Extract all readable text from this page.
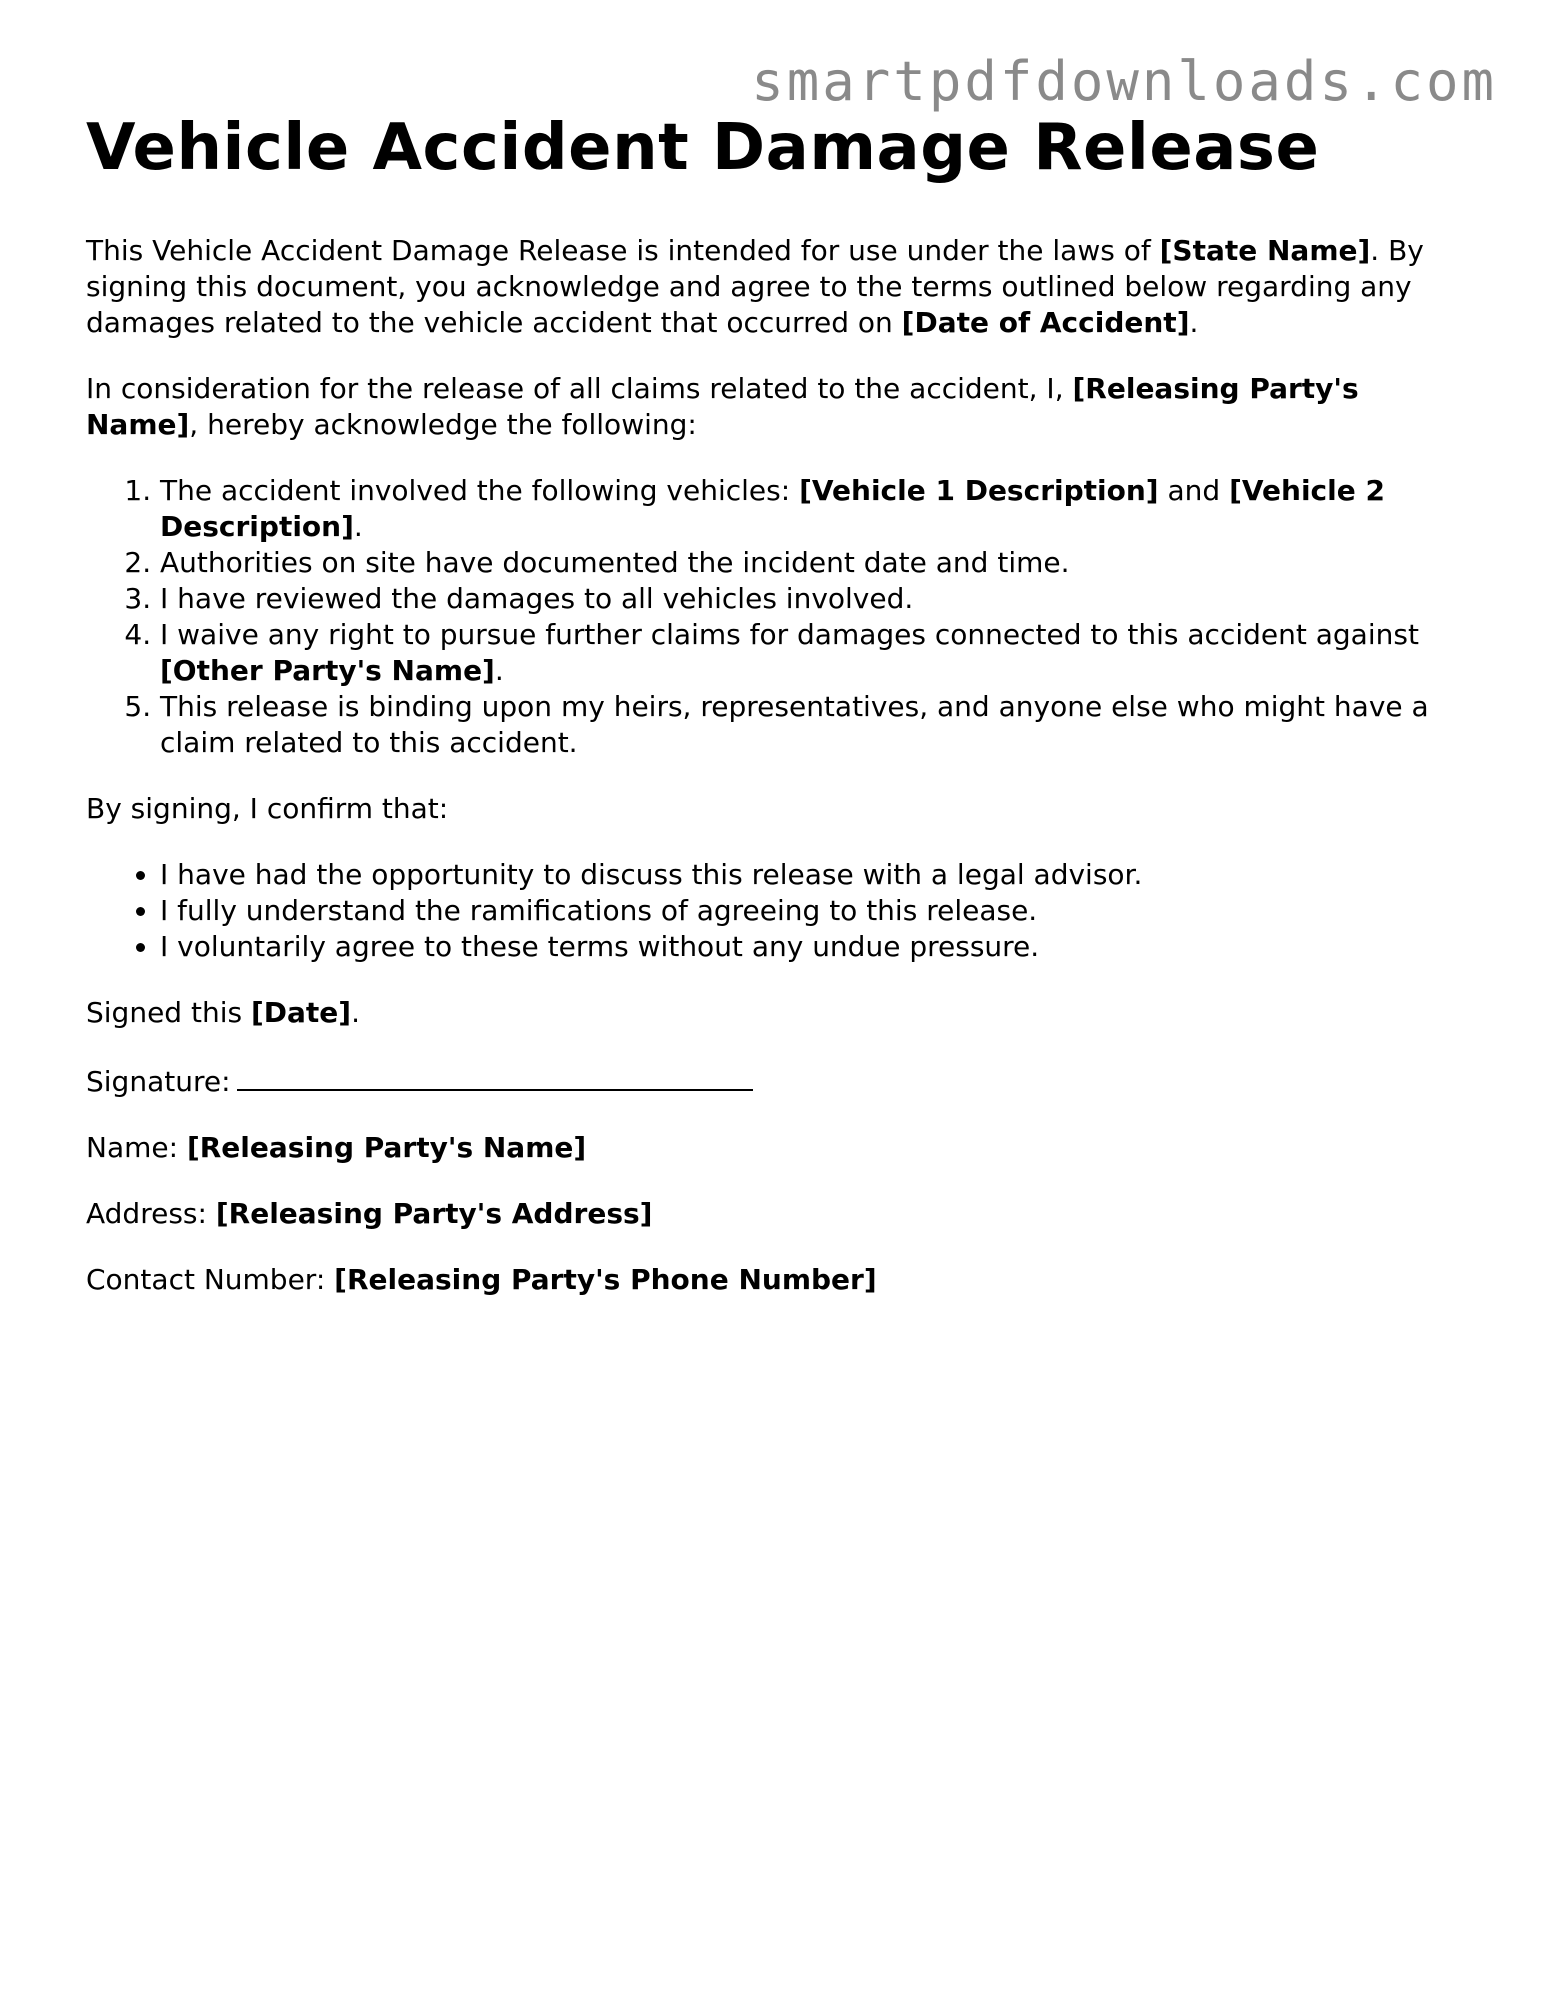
smartpdfdownloads.com
Vehicle Accident Damage Release

This Vehicle Accident Damage Release is intended for use under the laws of [State Name]. By signing this document, you acknowledge and agree to the terms outlined below regarding any damages related to the vehicle accident that occurred on [Date of Accident].

In consideration for the release of all claims related to the accident, I, [Releasing Party's Name], hereby acknowledge the following:

1. The accident involved the following vehicles: [Vehicle 1 Description] and [Vehicle 2 Description].
2. Authorities on site have documented the incident date and time.
3. I have reviewed the damages to all vehicles involved.
4. I waive any right to pursue further claims for damages connected to this accident against [Other Party's Name].
5. This release is binding upon my heirs, representatives, and anyone else who might have a claim related to this accident.

By signing, I confirm that:

• I have had the opportunity to discuss this release with a legal advisor.
• I fully understand the ramifications of agreeing to this release.
• I voluntarily agree to these terms without any undue pressure.

Signed this [Date].

Signature:

Name: [Releasing Party's Name]

Address: [Releasing Party's Address]

Contact Number: [Releasing Party's Phone Number]
